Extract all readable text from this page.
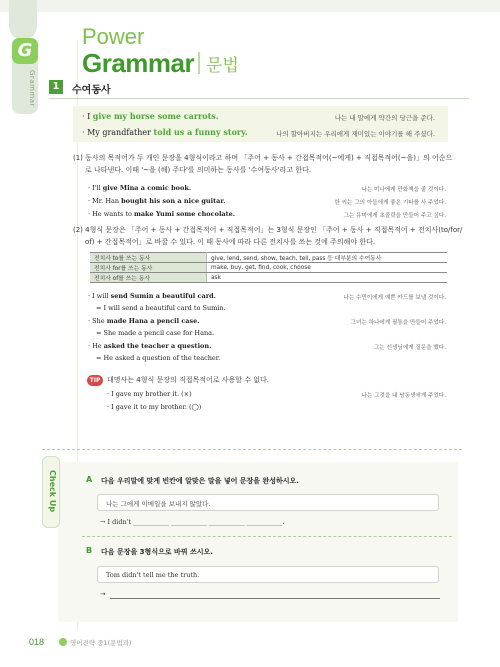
Grammar
G
Power
Grammar 문법
1	수여동사
· I give my horse some carrots.	나는 내 말에게 약간의 당근을 준다.
· My grandfather told us a funny story.	나의 할아버지는 우리에게 재미있는 이야기를 해 주셨다.
(1) 동사의 목적어가 두 개인 문장을 4형식이라고 하며 「주어 + 동사 + 간접목적어(~에게) + 직접목적어(~을)」의 어순으
로 나타낸다. 이때 '~을 (해) 주다'를 의미하는 동사를 '수여동사'라고 한다.
· I'll give Mina a comic book.	나는 미나에게 만화책을 줄 것이다.
· Mr. Han bought his son a nice guitar.	한 씨는 그의 아들에게 좋은 기타를 사 주었다.
· He wants to make Yumi some chocolate.	그는 유미에게 초콜릿을 만들어 주고 싶다.
(2) 4형식 문장은 「주어 + 동사 + 간접목적어 + 직접목적어」는 3형식 문장인 「주어 + 동사 + 직접목적어 + 전치사(to/for/
of) + 간접목적어」로 바꿀 수 있다. 이 때 동사에 따라 다른 전치사를 쓰는 것에 주의해야 한다.
전치사 to를 쓰는 동사	give, lend, send, show, teach, tell, pass 등 대부분의 수여동사
전치사 for를 쓰는 동사	make, buy, get, find, cook, choose
전치사 of를 쓰는 동사	ask
· I will send Sumin a beautiful card.	나는 수민이에게 예쁜 카드를 보낼 것이다.
= I will send a beautiful card to Sumin.
· She made Hana a pencil case.	그녀는 하나에게 필통을 만들어 주었다.
= She made a pencil case for Hana.
· He asked the teacher a question.	그는 선생님에게 질문을 했다.
= He asked a question of the teacher.
TIP 대명사는 4형식 문장의 직접목적어로 사용할 수 없다.
· I gave my brother it. (×)	나는 그것을 내 남동생에게 주었다.
· I gave it to my brother. (◯)
Check Up	A 다음 우리말에 맞게 빈칸에 알맞은 말을 넣어 문장을 완성하시오.
나는 그에게 이메일을 보내지 않았다.
→ I didn't ___________ ___________ ___________ ___________.
B 다음 문장을 3형식으로 바꿔 쓰시오.
Tom didn't tell me the truth.
→
018	영어전략 중1(문법과)
